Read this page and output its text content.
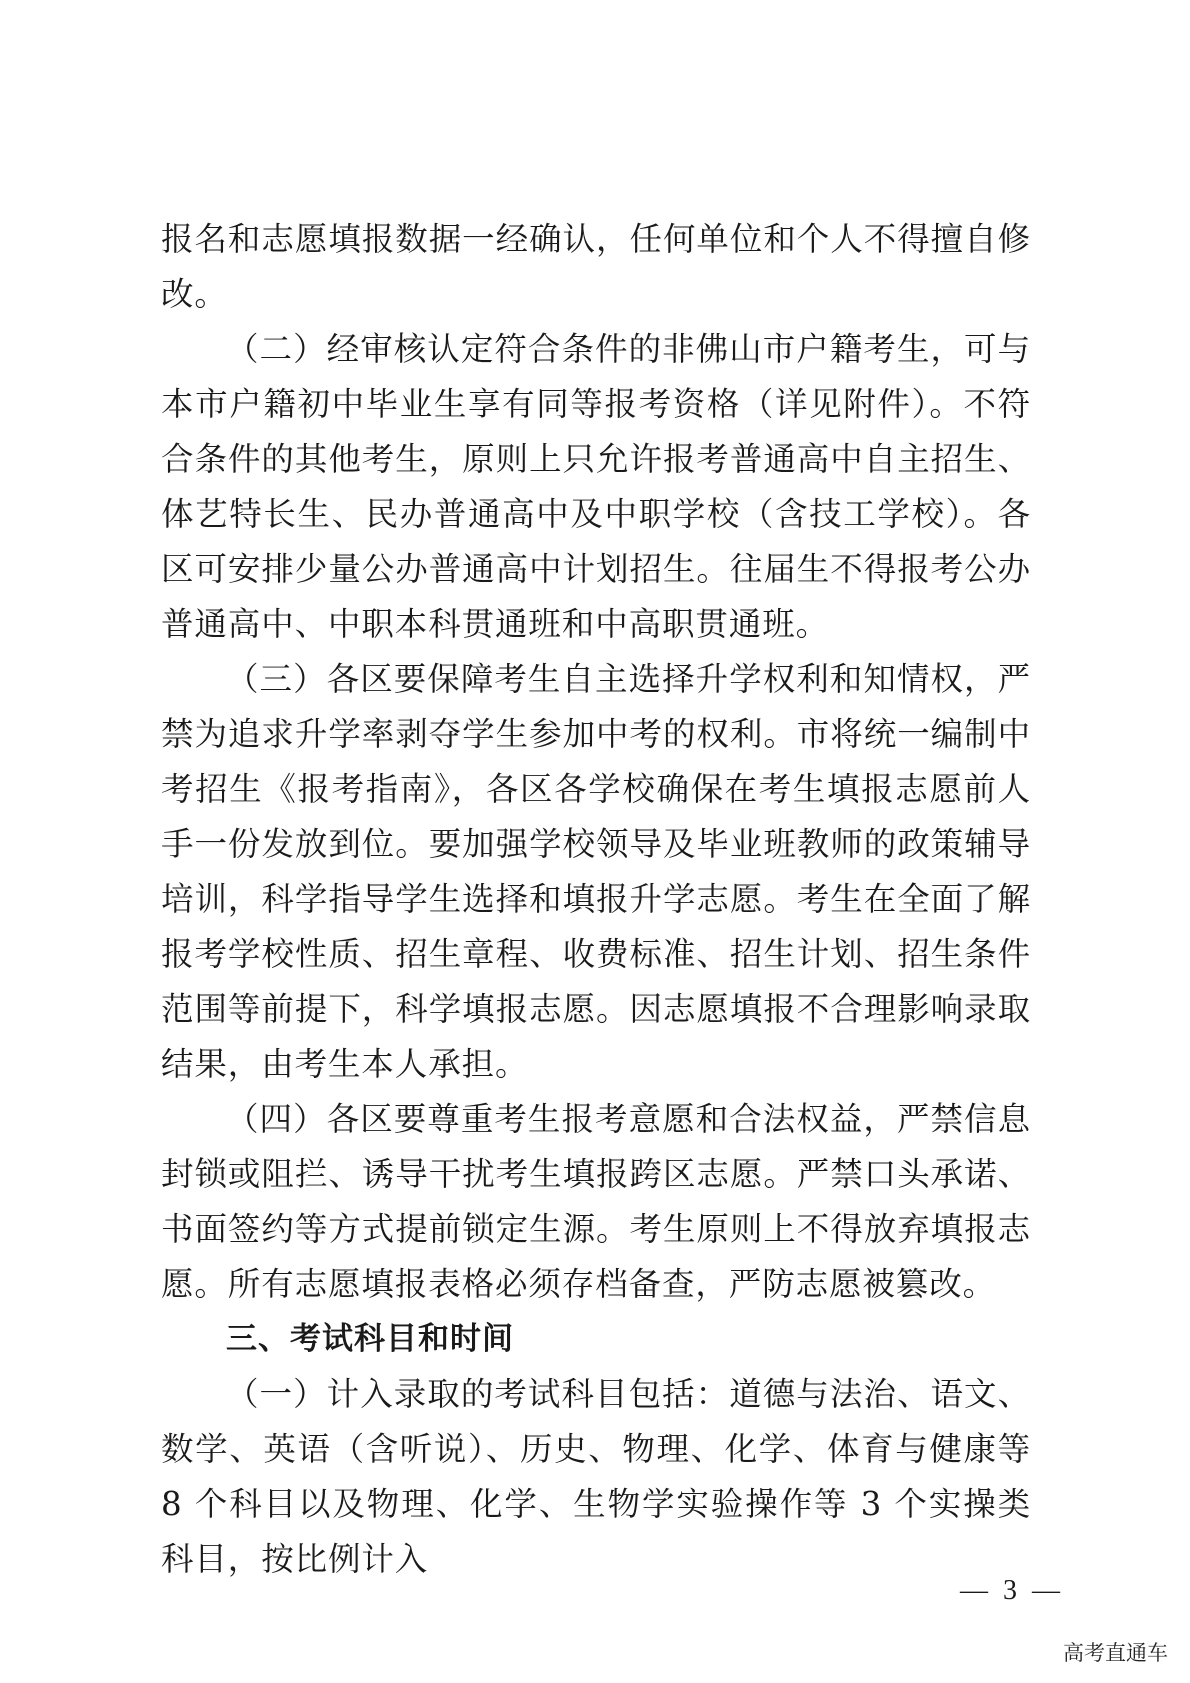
报名和志愿填报数据一经确认，任何单位和个人不得擅自修改。

（二）经审核认定符合条件的非佛山市户籍考生，可与本市户籍初中毕业生享有同等报考资格（详见附件）。不符合条件的其他考生，原则上只允许报考普通高中自主招生、体艺特长生、民办普通高中及中职学校（含技工学校）。各区可安排少量公办普通高中计划招生。往届生不得报考公办普通高中、中职本科贯通班和中高职贯通班。

（三）各区要保障考生自主选择升学权利和知情权，严禁为追求升学率剥夺学生参加中考的权利。市将统一编制中考招生《报考指南》，各区各学校确保在考生填报志愿前人手一份发放到位。要加强学校领导及毕业班教师的政策辅导培训，科学指导学生选择和填报升学志愿。考生在全面了解报考学校性质、招生章程、收费标准、招生计划、招生条件范围等前提下，科学填报志愿。因志愿填报不合理影响录取结果，由考生本人承担。

（四）各区要尊重考生报考意愿和合法权益，严禁信息封锁或阻拦、诱导干扰考生填报跨区志愿。严禁口头承诺、书面签约等方式提前锁定生源。考生原则上不得放弃填报志愿。所有志愿填报表格必须存档备查，严防志愿被篡改。

三、考试科目和时间

（一）计入录取的考试科目包括：道德与法治、语文、数学、英语（含听说）、历史、物理、化学、体育与健康等 8 个科目以及物理、化学、生物学实验操作等 3 个实操类科目，按比例计入

— 3 —
高考直通车
